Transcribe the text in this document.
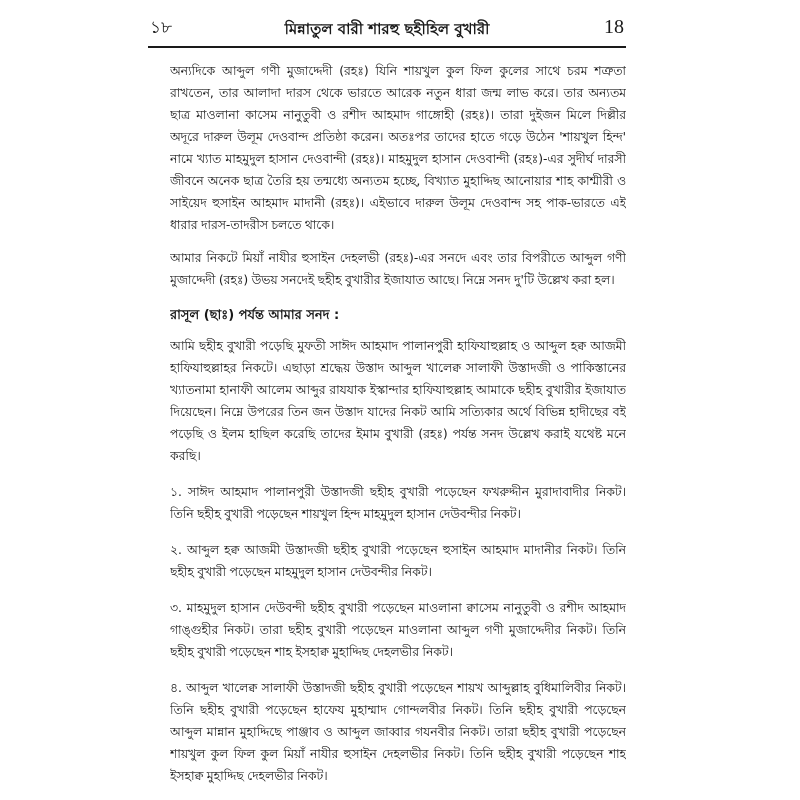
১৮	মিন্নাতুল বারী শারহু ছহীহিল বুখারী	18

অন্যদিকে আব্দুল গণী মুজাদ্দেদী (রহঃ) যিনি শায়খুল কুল ফিল কুলের সাথে চরম শত্রুতা রাখতেন, তার আলাদা দারস থেকে ভারতে আরেক নতুন ধারা জন্ম লাভ করে। তার অন্যতম ছাত্র মাওলানা কাসেম নানুতুবী ও রশীদ আহমাদ গাঙ্গোহী (রহঃ)। তারা দুইজন মিলে দিল্লীর অদূরে দারুল উলূম দেওবান্দ প্রতিষ্ঠা করেন। অতঃপর তাদের হাতে গড়ে উঠেন 'শায়খুল হিন্দ' নামে খ্যাত মাহমুদুল হাসান দেওবান্দী (রহঃ)। মাহমুদুল হাসান দেওবান্দী (রহঃ)-এর সুদীর্ঘ দারসী জীবনে অনেক ছাত্র তৈরি হয় তন্মধ্যে অন্যতম হচ্ছে, বিখ্যাত মুহাদ্দিছ আনোয়ার শাহ কাশ্মীরী ও সাইয়েদ হুসাইন আহমাদ মাদানী (রহঃ)। এইভাবে দারুল উলূম দেওবান্দ সহ পাক-ভারতে এই ধারার দারস-তাদরীস চলতে থাকে।

আমার নিকটে মিয়াঁ নাযীর হুসাইন দেহলভী (রহঃ)-এর সনদে এবং তার বিপরীতে আব্দুল গণী মুজাদ্দেদী (রহঃ) উভয় সনদেই ছহীহ বুখারীর ইজাযাত আছে। নিম্নে সনদ দু'টি উল্লেখ করা হল।

রাসূল (ছাঃ) পর্যন্ত আমার সনদ :

আমি ছহীহ বুখারী পড়েছি মুফতী সাঈদ আহমাদ পালানপুরী হাফিযাহুল্লাহ ও আব্দুল হক্ব আজমী হাফিযাহুল্লাহর নিকটে। এছাড়া শ্রদ্ধেয় উস্তাদ আব্দুল খালেক্ব সালাফী উস্তাদজী ও পাকিস্তানের খ্যাতনামা হানাফী আলেম আব্দুর রাযযাক ইস্কান্দার হাফিযাহুল্লাহ আমাকে ছহীহ বুখারীর ইজাযাত দিয়েছেন। নিম্নে উপরের তিন জন উস্তাদ যাদের নিকট আমি সত্যিকার অর্থে বিভিন্ন হাদীছের বই পড়েছি ও ইলম হাছিল করেছি তাদের ইমাম বুখারী (রহঃ) পর্যন্ত সনদ উল্লেখ করাই যথেষ্ট মনে করছি।

১. সাঈদ আহমাদ পালানপুরী উস্তাদজী ছহীহ বুখারী পড়েছেন ফখরুদ্দীন মুরাদাবাদীর নিকট। তিনি ছহীহ বুখারী পড়েছেন শায়খুল হিন্দ মাহমুদুল হাসান দেউবন্দীর নিকট।

২. আব্দুল হক্ব আজমী উস্তাদজী ছহীহ বুখারী পড়েছেন হুসাইন আহমাদ মাদানীর নিকট। তিনি ছহীহ বুখারী পড়েছেন মাহমুদুল হাসান দেউবন্দীর নিকট।

৩. মাহমুদুল হাসান দেউবন্দী ছহীহ বুখারী পড়েছেন মাওলানা ক্বাসেম নানুতুবী ও রশীদ আহমাদ গাঙ্গুহীর নিকট। তারা ছহীহ বুখারী পড়েছেন মাওলানা আব্দুল গণী মুজাদ্দেদীর নিকট। তিনি ছহীহ বুখারী পড়েছেন শাহ ইসহাক্ব মুহাদ্দিছ দেহলভীর নিকট।

৪. আব্দুল খালেক্ব সালাফী উস্তাদজী ছহীহ বুখারী পড়েছেন শায়খ আব্দুল্লাহ বুধিমালিবীর নিকট। তিনি ছহীহ বুখারী পড়েছেন হাফেয মুহাম্মাদ গোন্দলবীর নিকট। তিনি ছহীহ বুখারী পড়েছেন আব্দুল মান্নান মুহাদ্দিছে পাঞ্জাব ও আব্দুল জাব্বার গযনবীর নিকট। তারা ছহীহ বুখারী পড়েছেন শায়খুল কুল ফিল কুল মিয়াঁ নাযীর হুসাইন দেহলভীর নিকট। তিনি ছহীহ বুখারী পড়েছেন শাহ ইসহাক্ব মুহাদ্দিছ দেহলভীর নিকট।
